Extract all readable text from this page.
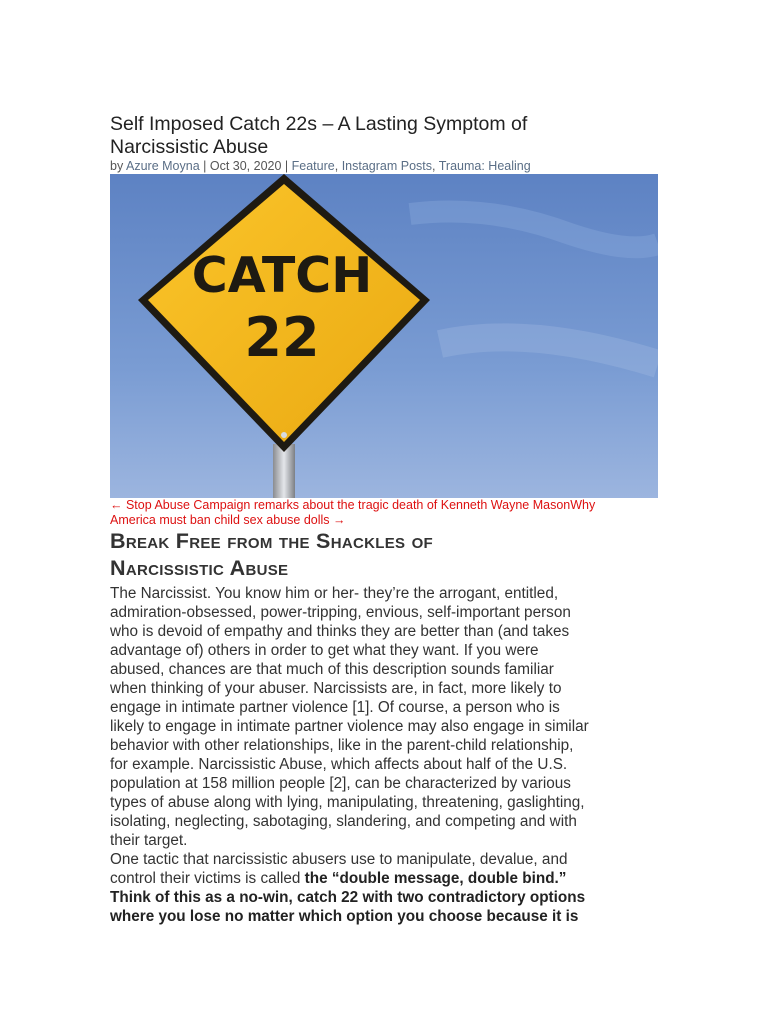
Self Imposed Catch 22s – A Lasting Symptom of
Narcissistic Abuse
by Azure Moyna | Oct 30, 2020 | Feature, Instagram Posts, Trauma: Healing
CATCH
22
← Stop Abuse Campaign remarks about the tragic death of Kenneth Wayne MasonWhy
America must ban child sex abuse dolls →
Break Free from the Shackles of
Narcissistic Abuse

The Narcissist. You know him or her- they’re the arrogant, entitled,
admiration-obsessed, power-tripping, envious, self-important person
who is devoid of empathy and thinks they are better than (and takes
advantage of) others in order to get what they want. If you were
abused, chances are that much of this description sounds familiar
when thinking of your abuser. Narcissists are, in fact, more likely to
engage in intimate partner violence [1]. Of course, a person who is
likely to engage in intimate partner violence may also engage in similar
behavior with other relationships, like in the parent-child relationship,
for example. Narcissistic Abuse, which affects about half of the U.S.
population at 158 million people [2], can be characterized by various
types of abuse along with lying, manipulating, threatening, gaslighting,
isolating, neglecting, sabotaging, slandering, and competing and with
their target.

One tactic that narcissistic abusers use to manipulate, devalue, and
control their victims is called the “double message, double bind.”
Think of this as a no-win, catch 22 with two contradictory options
where you lose no matter which option you choose because it is
